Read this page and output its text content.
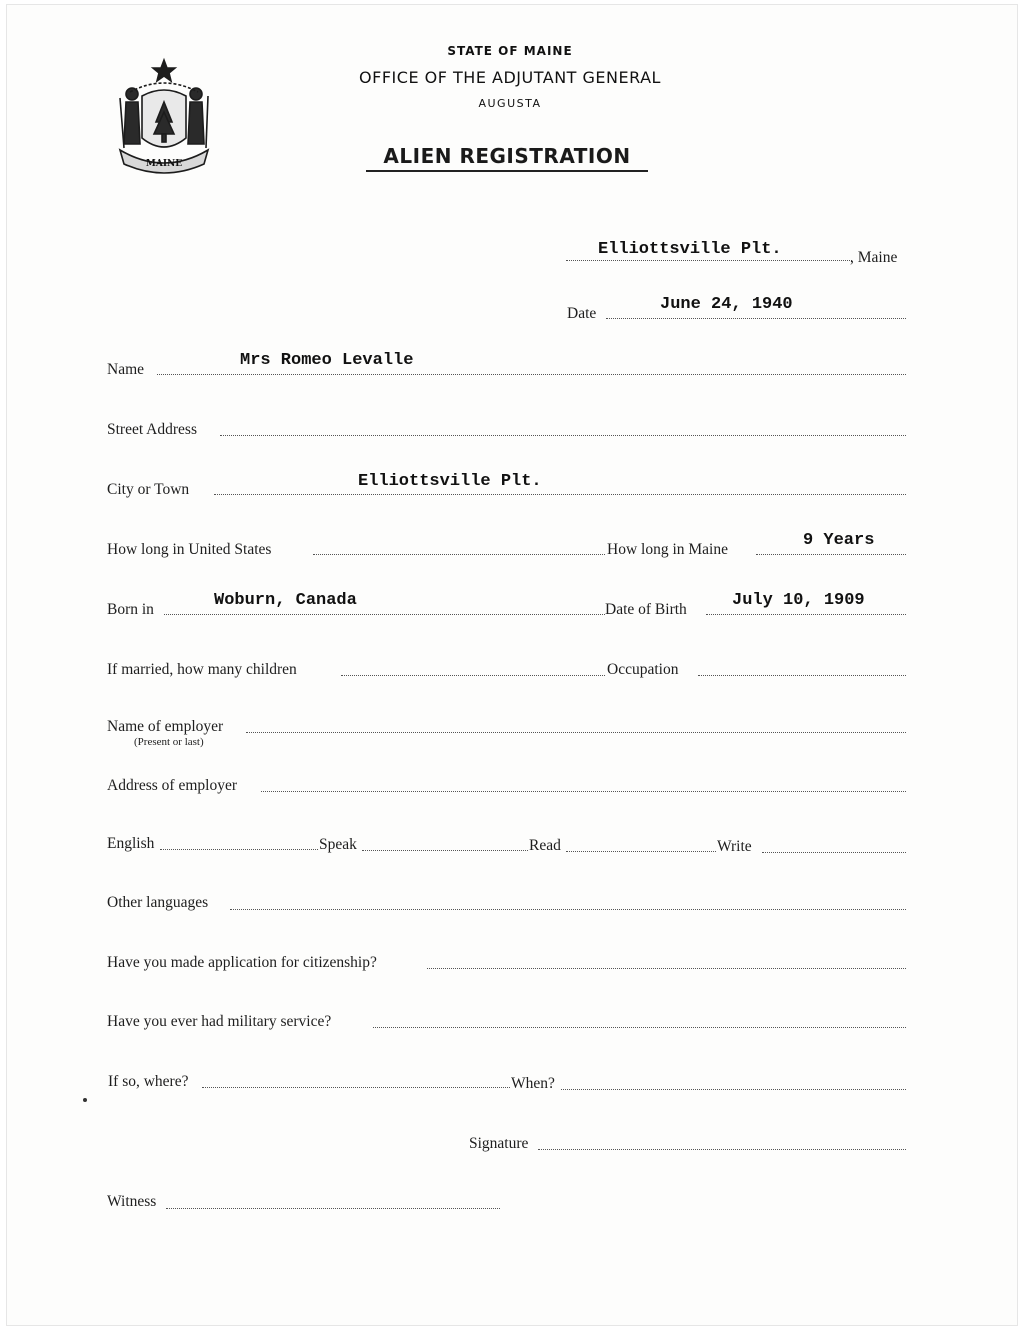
MAINE
STATE OF MAINE
OFFICE OF THE ADJUTANT GENERAL
AUGUSTA
ALIEN REGISTRATION
Elliottsville Plt.	, Maine
Date	June 24, 1940
Name	Mrs Romeo Levalle
Street Address
City or Town	Elliottsville Plt.
How long in United States	How long in Maine	9 Years
Born in	Woburn, Canada	Date of Birth	July 10, 1909
If married, how many children	Occupation
Name of employer
(Present or last)
Address of employer
English	Speak	Read	Write
Other languages
Have you made application for citizenship?
Have you ever had military service?
If so, where?	When?
Signature
Witness
